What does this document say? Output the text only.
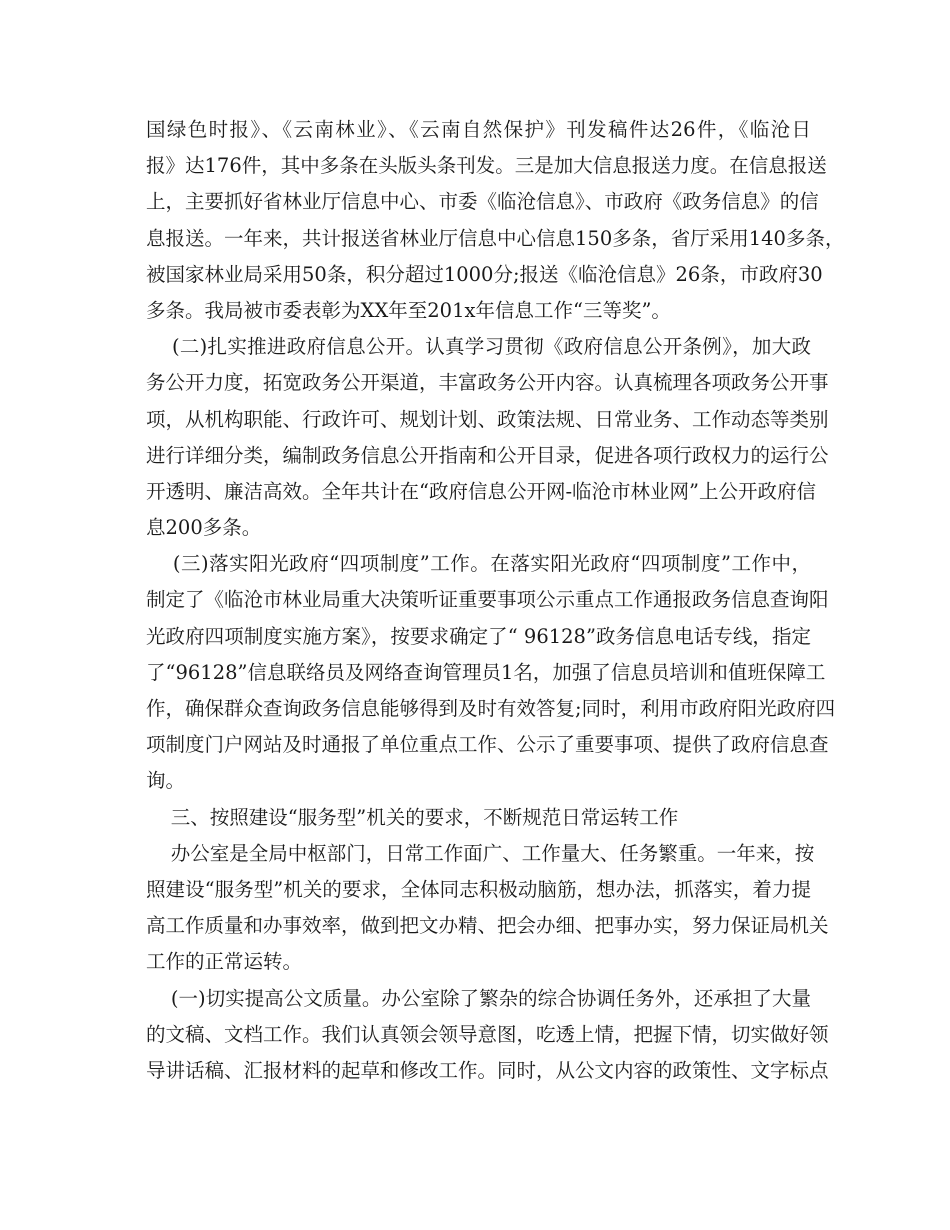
国绿色时报》、《云南林业》、《云南自然保护》刊发稿件达26件，《临沧日
报》达176件，其中多条在头版头条刊发。三是加大信息报送力度。在信息报送
上，主要抓好省林业厅信息中心、市委《临沧信息》、市政府《政务信息》的信
息报送。一年来，共计报送省林业厅信息中心信息150多条，省厅采用140多条，
被国家林业局采用50条，积分超过1000分;报送《临沧信息》26条，市政府30
多条。我局被市委表彰为XX年至201x年信息工作“三等奖”。
(二)扎实推进政府信息公开。认真学习贯彻《政府信息公开条例》，加大政
务公开力度，拓宽政务公开渠道，丰富政务公开内容。认真梳理各项政务公开事
项，从机构职能、行政许可、规划计划、政策法规、日常业务、工作动态等类别
进行详细分类，编制政务信息公开指南和公开目录，促进各项行政权力的运行公
开透明、廉洁高效。全年共计在“政府信息公开网-临沧市林业网”上公开政府信
息200多条。
(三)落实阳光政府“四项制度”工作。在落实阳光政府“四项制度”工作中，
制定了《临沧市林业局重大决策听证重要事项公示重点工作通报政务信息查询阳
光政府四项制度实施方案》，按要求确定了“ 96128”政务信息电话专线，指定
了“96128”信息联络员及网络查询管理员1名，加强了信息员培训和值班保障工
作，确保群众查询政务信息能够得到及时有效答复;同时，利用市政府阳光政府四
项制度门户网站及时通报了单位重点工作、公示了重要事项、提供了政府信息查
询。
三、按照建设“服务型”机关的要求，不断规范日常运转工作
办公室是全局中枢部门，日常工作面广、工作量大、任务繁重。一年来，按
照建设“服务型”机关的要求，全体同志积极动脑筋，想办法，抓落实，着力提
高工作质量和办事效率，做到把文办精、把会办细、把事办实，努力保证局机关
工作的正常运转。
(一)切实提高公文质量。办公室除了繁杂的综合协调任务外，还承担了大量
的文稿、文档工作。我们认真领会领导意图，吃透上情，把握下情，切实做好领
导讲话稿、汇报材料的起草和修改工作。同时，从公文内容的政策性、文字标点
